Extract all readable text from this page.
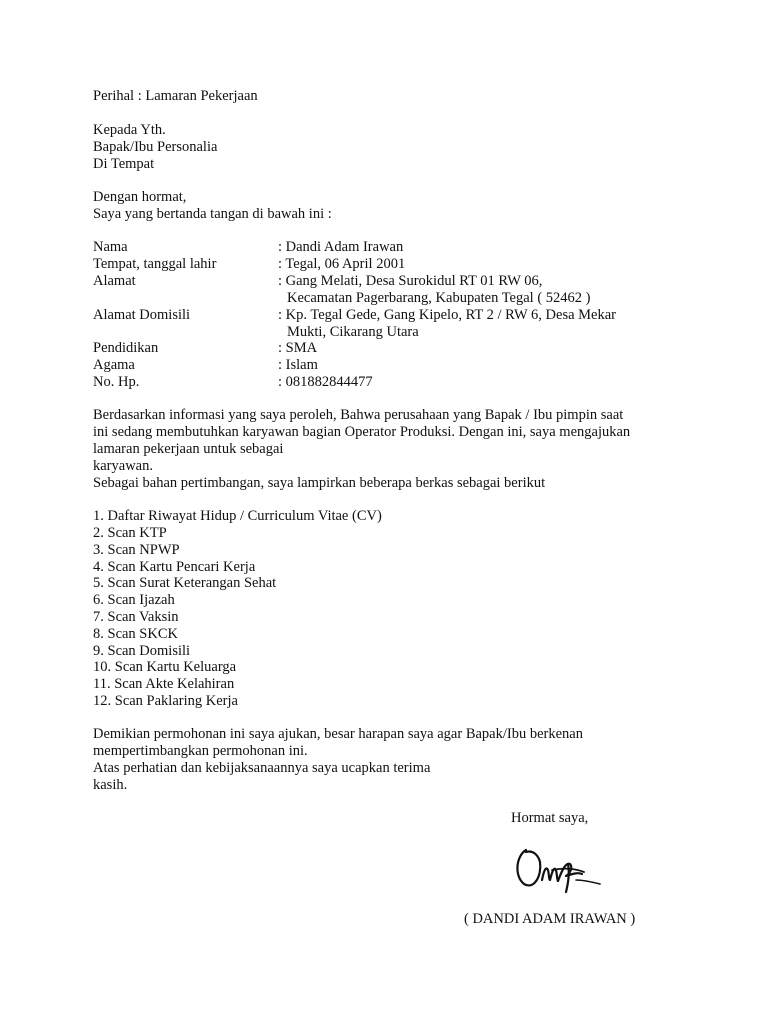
Perihal : Lamaran Pekerjaan
Kepada Yth.
Bapak/Ibu Personalia
Di Tempat
Dengan hormat,
Saya yang bertanda tangan di bawah ini :
Nama	: Dandi Adam Irawan
Tempat, tanggal lahir	: Tegal, 06 April 2001
Alamat	: Gang Melati, Desa Surokidul RT 01 RW 06,
Kecamatan Pagerbarang, Kabupaten Tegal ( 52462 )
Alamat Domisili	: Kp. Tegal Gede, Gang Kipelo, RT 2 / RW 6, Desa Mekar
Mukti, Cikarang Utara
Pendidikan	: SMA
Agama	: Islam
No. Hp.	: 081882844477
Berdasarkan informasi yang saya peroleh, Bahwa perusahaan yang Bapak / Ibu pimpin saat
ini sedang membutuhkan karyawan bagian Operator Produksi. Dengan ini, saya mengajukan
lamaran pekerjaan untuk sebagai
karyawan.
Sebagai bahan pertimbangan, saya lampirkan beberapa berkas sebagai berikut
1. Daftar Riwayat Hidup / Curriculum Vitae (CV)
2. Scan KTP
3. Scan NPWP
4. Scan Kartu Pencari Kerja
5. Scan Surat Keterangan Sehat
6. Scan Ijazah
7. Scan Vaksin
8. Scan SKCK
9. Scan Domisili
10. Scan Kartu Keluarga
11. Scan Akte Kelahiran
12. Scan Paklaring Kerja
Demikian permohonan ini saya ajukan, besar harapan saya agar Bapak/Ibu berkenan
mempertimbangkan permohonan ini.
Atas perhatian dan kebijaksanaannya saya ucapkan terima
kasih.
Hormat saya,
( DANDI ADAM IRAWAN )
